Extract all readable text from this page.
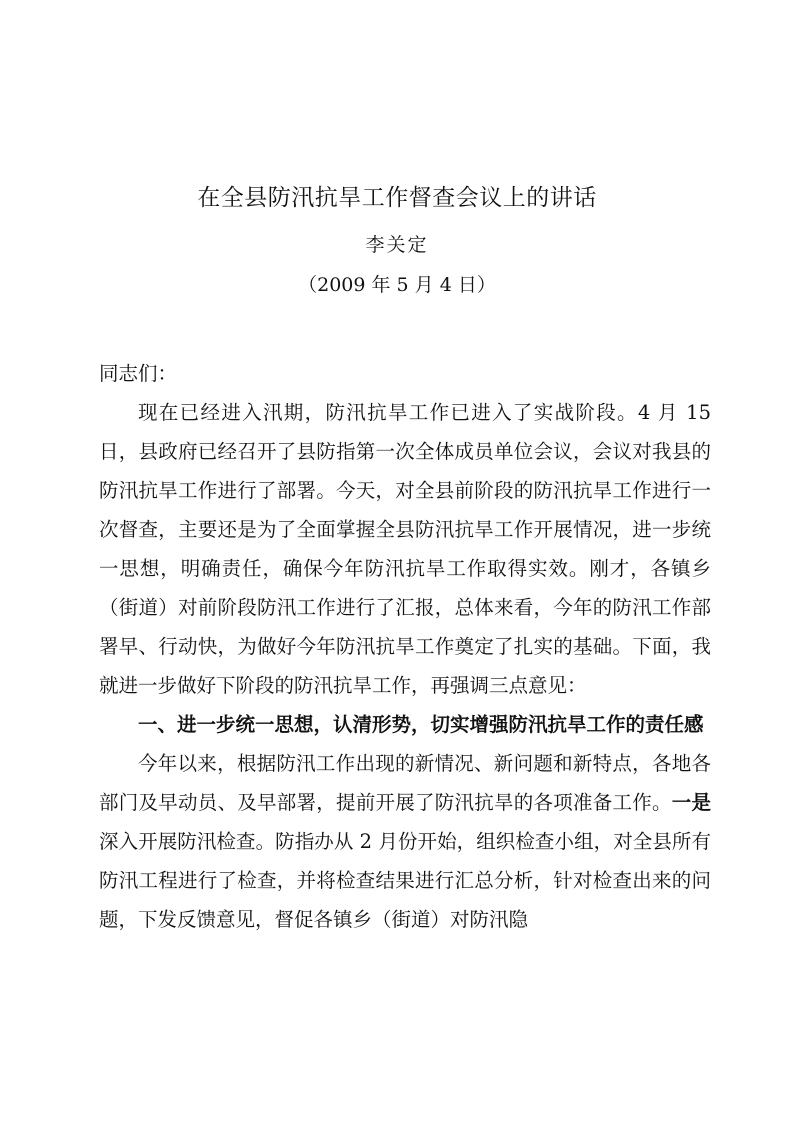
在全县防汛抗旱工作督查会议上的讲话
李关定
（2009 年 5 月 4 日）

同志们：

现在已经进入汛期，防汛抗旱工作已进入了实战阶段。4 月 15 日，县政府已经召开了县防指第一次全体成员单位会议，会议对我县的防汛抗旱工作进行了部署。今天，对全县前阶段的防汛抗旱工作进行一次督查，主要还是为了全面掌握全县防汛抗旱工作开展情况，进一步统一思想，明确责任，确保今年防汛抗旱工作取得实效。刚才，各镇乡（街道）对前阶段防汛工作进行了汇报，总体来看，今年的防汛工作部署早、行动快，为做好今年防汛抗旱工作奠定了扎实的基础。下面，我就进一步做好下阶段的防汛抗旱工作，再强调三点意见：

一、进一步统一思想，认清形势，切实增强防汛抗旱工作的责任感

今年以来，根据防汛工作出现的新情况、新问题和新特点，各地各部门及早动员、及早部署，提前开展了防汛抗旱的各项准备工作。一是深入开展防汛检查。防指办从 2 月份开始，组织检查小组，对全县所有防汛工程进行了检查，并将检查结果进行汇总分析，针对检查出来的问题，下发反馈意见，督促各镇乡（街道）对防汛隐
